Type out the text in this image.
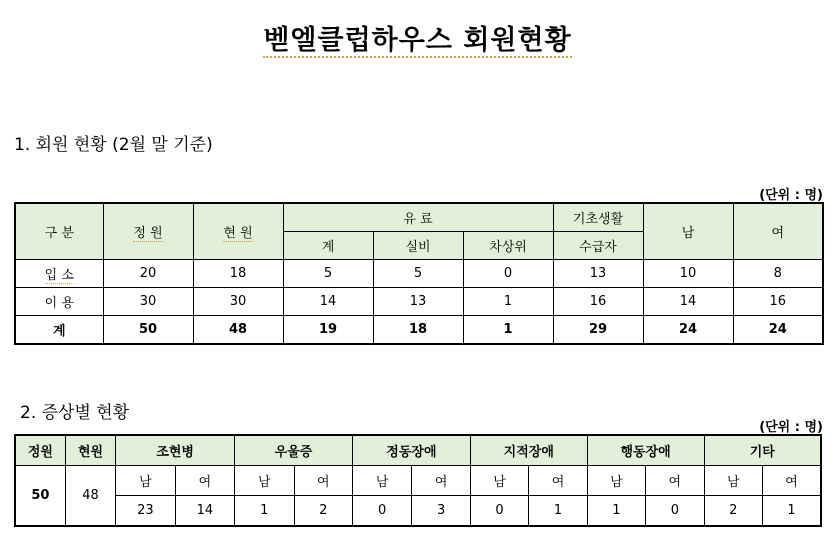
벧엘클럽하우스 회원현황
1. 회원 현황 (2월 말 기준)
(단위 : 명)
구 분	정 원	현 원	유 료			기초생활	남	여
			계	실비	차상위	수급자		
입 소	20	18	5	5	0	13	10	8
이 용	30	30	14	13	1	16	14	16
계	50	48	19	18	1	29	24	24
2. 증상별 현황
(단위 : 명)
정원	현원	조현병		우울증		정동장애		지적장애		행동장애		기타	
50	48	남	여	남	여	남	여	남	여	남	여	남	여
		23	14	1	2	0	3	0	1	1	0	2	1
